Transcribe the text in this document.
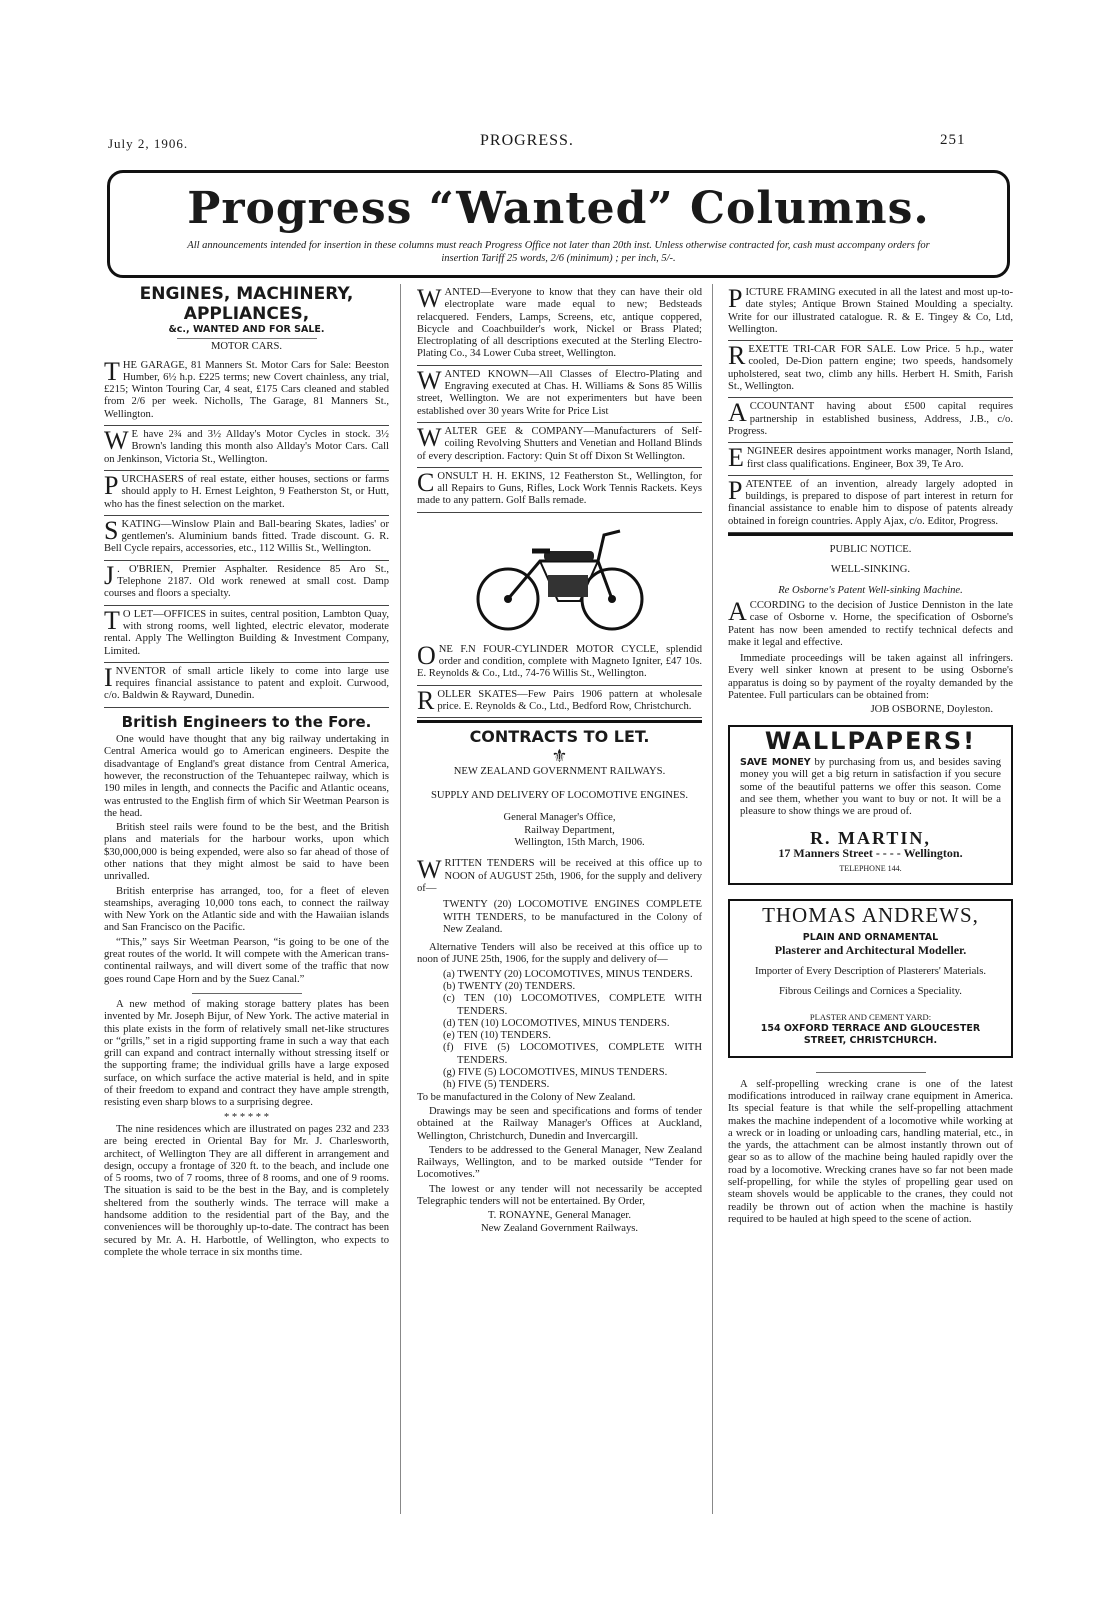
July 2, 1906.	PROGRESS.	251
Progress “Wanted” Columns.
All announcements intended for insertion in these columns must reach Progress Office not later than 20th inst. Unless otherwise contracted for, cash must accompany orders for insertion Tariff 25 words, 2/6 (minimum) ; per inch, 5/-.
ENGINES, MACHINERY, APPLIANCES,
&c., WANTED AND FOR SALE.
MOTOR CARS.

THE GARAGE, 81 Manners St. Motor Cars for Sale: Beeston Humber, 6½ h.p. £225 terms; new Covert chainless, any trial, £215; Winton Touring Car, 4 seat, £175 Cars cleaned and stabled from 2/6 per week. Nicholls, The Garage, 81 Manners St., Wellington.

W E have 2¾ and 3½ Allday's Motor Cycles in stock. 3½ Brown's landing this month also Allday's Motor Cars. Call on Jenkinson, Victoria St., Wellington.

PURCHASERS of real estate, either houses, sections or farms should apply to H. Ernest Leighton, 9 Featherston St, or Hutt, who has the finest selection on the market.

SKATING—Winslow Plain and Ball-bearing Skates, ladies' or gentlemen's. Aluminium bands fitted. Trade discount. G. R. Bell Cycle repairs, accessories, etc., 112 Willis St., Wellington.

J . O'BRIEN, Premier Asphalter. Residence 85 Aro St., Telephone 2187. Old work renewed at small cost. Damp courses and floors a specialty.

T O LET—OFFICES in suites, central position, Lambton Quay, with strong rooms, well lighted, electric elevator, moderate rental. Apply The Wellington Building & Investment Company, Limited.

INVENTOR of small article likely to come into large use requires financial assistance to patent and exploit. Curwood, c/o. Baldwin & Rayward, Dunedin.

British Engineers to the Fore.

One would have thought that any big railway undertaking in Central America would go to American engineers. Despite the disadvantage of England's great distance from Central America, however, the reconstruction of the Tehuantepec railway, which is 190 miles in length, and connects the Pacific and Atlantic oceans, was entrusted to the English firm of which Sir Weetman Pearson is the head.

British steel rails were found to be the best, and the British plans and materials for the harbour works, upon which $30,000,000 is being expended, were also so far ahead of those of other nations that they might almost be said to have been unrivalled.

British enterprise has arranged, too, for a fleet of eleven steamships, averaging 10,000 tons each, to connect the railway with New York on the Atlantic side and with the Hawaiian islands and San Francisco on the Pacific.

“This,” says Sir Weetman Pearson, “is going to be one of the great routes of the world. It will compete with the American trans-continental railways, and will divert some of the traffic that now goes round Cape Horn and by the Suez Canal.”

A new method of making storage battery plates has been invented by Mr. Joseph Bijur, of New York. The active material in this plate exists in the form of relatively small net-like structures or “grills,” set in a rigid supporting frame in such a way that each grill can expand and contract internally without stressing itself or the supporting frame; the individual grills have a large exposed surface, on which surface the active material is held, and in spite of their freedom to expand and contract they have ample strength, resisting even sharp blows to a surprising degree.

* * * * * *

The nine residences which are illustrated on pages 232 and 233 are being erected in Oriental Bay for Mr. J. Charlesworth, architect, of Wellington They are all different in arrangement and design, occupy a frontage of 320 ft. to the beach, and include one of 5 rooms, two of 7 rooms, three of 8 rooms, and one of 9 rooms. The situation is said to be the best in the Bay, and is completely sheltered from the southerly winds. The terrace will make a handsome addition to the residential part of the Bay, and the conveniences will be thoroughly up-to-date. The contract has been secured by Mr. A. H. Harbottle, of Wellington, who expects to complete the whole terrace in six months time.

WANTED—Everyone to know that they can have their old electroplate ware made equal to new; Bedsteads relacquered. Fenders, Lamps, Screens, etc, antique coppered, Bicycle and Coachbuilder's work, Nickel or Brass Plated; Electroplating of all descriptions executed at the Sterling Electro-Plating Co., 34 Lower Cuba street, Wellington.

WANTED KNOWN—All Classes of Electro-Plating and Engraving executed at Chas. H. Williams & Sons 85 Willis street, Wellington. We are not experimenters but have been established over 30 years Write for Price List

WALTER GEE & COMPANY—Manufacturers of Self-coiling Revolving Shutters and Venetian and Holland Blinds of every description. Factory: Quin St off Dixon St Wellington.

CONSULT H. H. EKINS, 12 Featherston St., Wellington, for all Repairs to Guns, Rifles, Lock Work Tennis Rackets. Keys made to any pattern. Golf Balls remade.

ONE F.N FOUR-CYLINDER MOTOR CYCLE, splendid order and condition, complete with Magneto Igniter, £47 10s. E. Reynolds & Co., Ltd., 74-76 Willis St., Wellington.

ROLLER SKATES—Few Pairs 1906 pattern at wholesale price. E. Reynolds & Co., Ltd., Bedford Row, Christchurch.

CONTRACTS TO LET.
⚜
NEW ZEALAND GOVERNMENT RAILWAYS.
SUPPLY AND DELIVERY OF LOCOMOTIVE ENGINES.
General Manager's Office,
Railway Department,
Wellington, 15th March, 1906.

WRITTEN TENDERS will be received at this office up to NOON of AUGUST 25th, 1906, for the supply and delivery of—

TWENTY (20) LOCOMOTIVE ENGINES COMPLETE WITH TENDERS, to be manufactured in the Colony of New Zealand.

Alternative Tenders will also be received at this office up to noon of JUNE 25th, 1906, for the supply and delivery of—

(a) TWENTY (20) LOCOMOTIVES, MINUS TENDERS.

(b) TWENTY (20) TENDERS.

(c) TEN (10) LOCOMOTIVES, COMPLETE WITH TENDERS.

(d) TEN (10) LOCOMOTIVES, MINUS TENDERS.

(e) TEN (10) TENDERS.

(f) FIVE (5) LOCOMOTIVES, COMPLETE WITH TENDERS.

(g) FIVE (5) LOCOMOTIVES, MINUS TENDERS.

(h) FIVE (5) TENDERS.

To be manufactured in the Colony of New Zealand.

Drawings may be seen and specifications and forms of tender obtained at the Railway Manager's Offices at Auckland, Wellington, Christchurch, Dunedin and Invercargill.

Tenders to be addressed to the General Manager, New Zealand Railways, Wellington, and to be marked outside “Tender for Locomotives.”

The lowest or any tender will not necessarily be accepted Telegraphic tenders will not be entertained. By Order,

T. RONAYNE, General Manager.
New Zealand Government Railways.

PICTURE FRAMING executed in all the latest and most up-to-date styles; Antique Brown Stained Moulding a specialty. Write for our illustrated catalogue. R. & E. Tingey & Co, Ltd, Wellington.

REXETTE TRI-CAR FOR SALE. Low Price. 5 h.p., water cooled, De-Dion pattern engine; two speeds, handsomely upholstered, seat two, climb any hills. Herbert H. Smith, Farish St., Wellington.

ACCOUNTANT having about £500 capital requires partnership in established business, Address, J.B., c/o. Progress.

ENGINEER desires appointment works manager, North Island, first class qualifications. Engineer, Box 39, Te Aro.

PATENTEE of an invention, already largely adopted in buildings, is prepared to dispose of part interest in return for financial assistance to enable him to dispose of patents already obtained in foreign countries. Apply Ajax, c/o. Editor, Progress.

PUBLIC NOTICE.
WELL-SINKING.
Re Osborne's Patent Well-sinking Machine.

ACCORDING to the decision of Justice Denniston in the late case of Osborne v. Horne, the specification of Osborne's Patent has now been amended to rectify technical defects and make it legal and effective.

Immediate proceedings will be taken against all infringers. Every well sinker known at present to be using Osborne's apparatus is doing so by payment of the royalty demanded by the Patentee. Full particulars can be obtained from:

JOB OSBORNE, Doyleston.
WALLPAPERS!

SAVE MONEY by purchasing from us, and besides saving money you will get a big return in satisfaction if you secure some of the beautiful patterns we offer this season. Come and see them, whether you want to buy or not. It will be a pleasure to show things we are proud of.

R. MARTIN,
17 Manners Street - - - - Wellington.
TELEPHONE 144.
THOMAS ANDREWS,
PLAIN AND ORNAMENTAL
Plasterer and Architectural Modeller.
Importer of Every Description of Plasterers' Materials.
Fibrous Ceilings and Cornices a Speciality.
PLASTER AND CEMENT YARD:
154 OXFORD TERRACE AND GLOUCESTER STREET, CHRISTCHURCH.

A self-propelling wrecking crane is one of the latest modifications introduced in railway crane equipment in America. Its special feature is that while the self-propelling attachment makes the machine independent of a locomotive while working at a wreck or in loading or unloading cars, handling material, etc., in the yards, the attachment can be almost instantly thrown out of gear so as to allow of the machine being hauled rapidly over the road by a locomotive. Wrecking cranes have so far not been made self-propelling, for while the styles of propelling gear used on steam shovels would be applicable to the cranes, they could not readily be thrown out of action when the machine is hastily required to be hauled at high speed to the scene of action.
